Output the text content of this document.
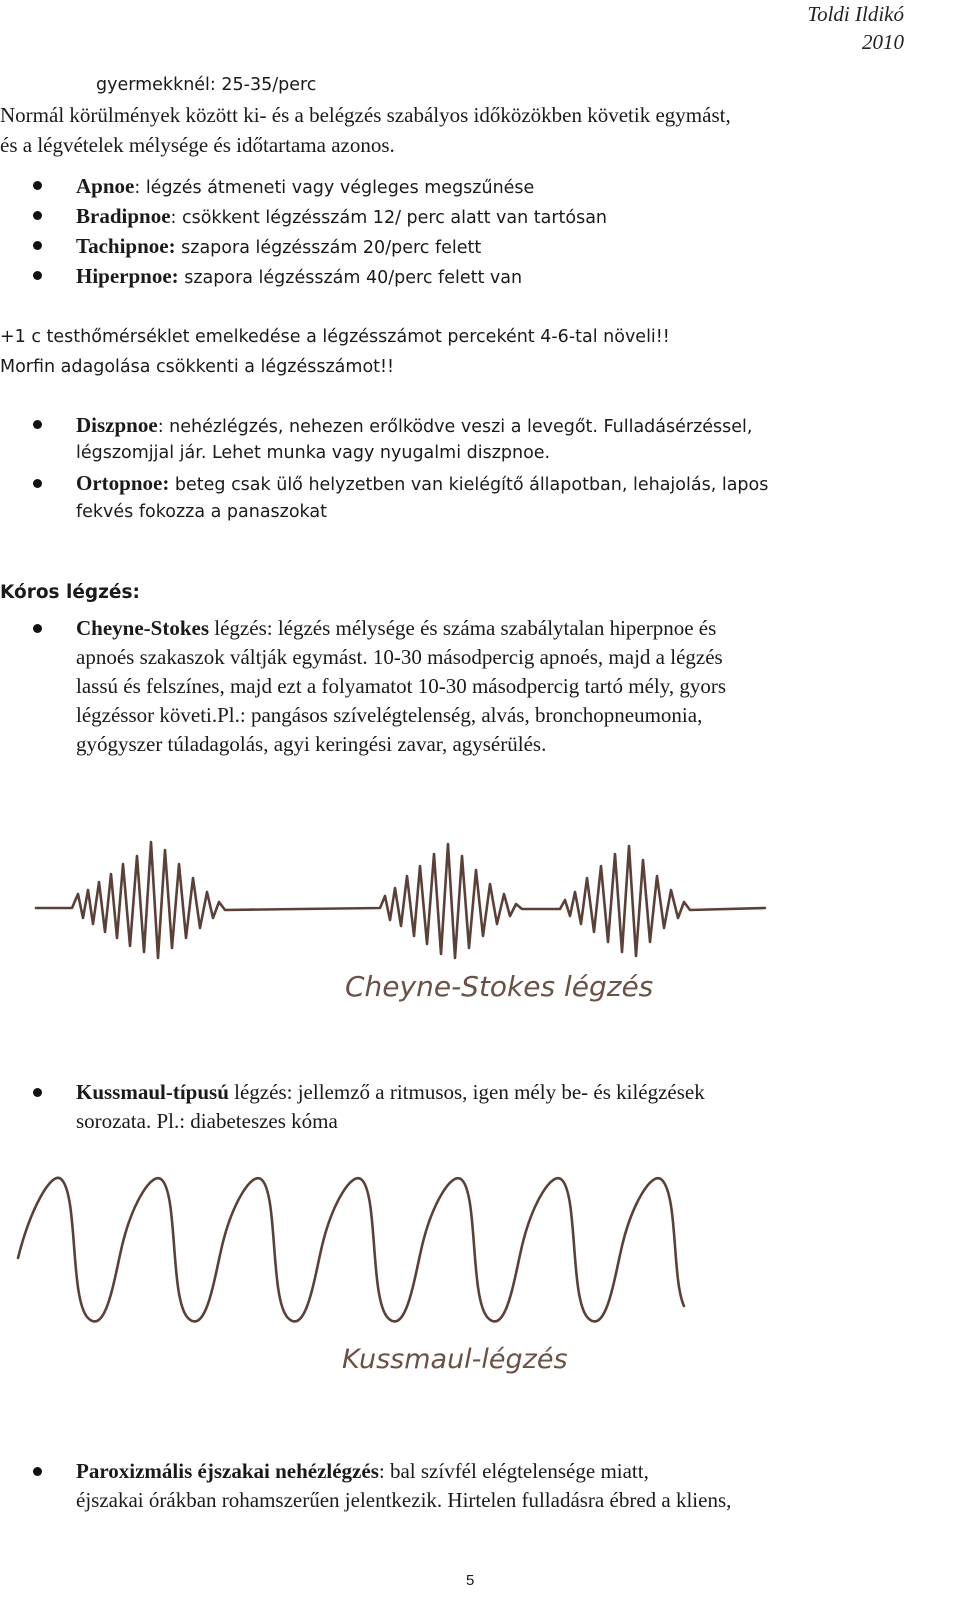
Toldi Ildikó
2010
gyermekknél: 25-35/perc
Normál körülmények között ki- és a belégzés szabályos időközökben követik egymást,
és a légvételek mélysége és időtartama azonos.
Apnoe: légzés átmeneti vagy végleges megszűnése
Bradipnoe: csökkent légzésszám 12/ perc alatt van tartósan
Tachipnoe: szapora légzésszám 20/perc felett
Hiperpnoe: szapora légzésszám 40/perc felett van
+1 c testhőmérséklet emelkedése a légzésszámot perceként 4-6-tal növeli!!
Morfin adagolása csökkenti a légzésszámot!!
Diszpnoe: nehézlégzés, nehezen erőlködve veszi a levegőt. Fulladásérzéssel,
légszomjjal jár. Lehet munka vagy nyugalmi diszpnoe.
Ortopnoe: beteg csak ülő helyzetben van kielégítő állapotban, lehajolás, lapos
fekvés fokozza a panaszokat
Kóros légzés:
Cheyne-Stokes légzés: légzés mélysége és száma szabálytalan hiperpnoe és
apnoés szakaszok váltják egymást. 10-30 másodpercig apnoés, majd a légzés
lassú és felszínes, majd ezt a folyamatot 10-30 másodpercig tartó mély, gyors
légzéssor követi.Pl.: pangásos szívelégtelenség, alvás, bronchopneumonia,
gyógyszer túladagolás, agyi keringési zavar, agysérülés.
Cheyne-Stokes légzés
Kussmaul-típusú légzés: jellemző a ritmusos, igen mély be- és kilégzések
sorozata. Pl.: diabeteszes kóma
Kussmaul-légzés
Paroxizmális éjszakai nehézlégzés: bal szívfél elégtelensége miatt,
éjszakai órákban rohamszerűen jelentkezik. Hirtelen fulladásra ébred a kliens,
5
